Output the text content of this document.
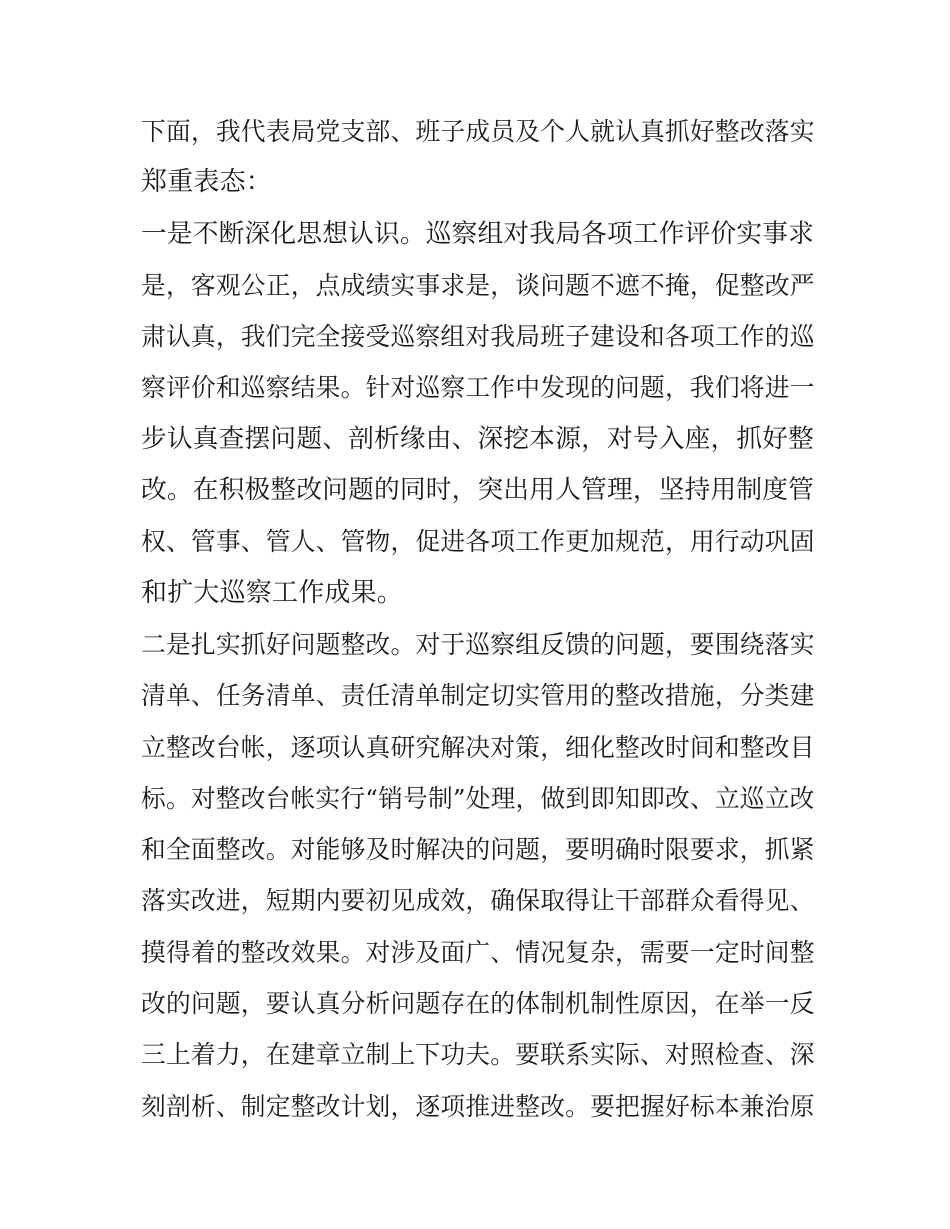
下面，我代表局党支部、班子成员及个人就认真抓好整改落实
郑重表态：
一是不断深化思想认识。巡察组对我局各项工作评价实事求
是，客观公正，点成绩实事求是，谈问题不遮不掩，促整改严
肃认真，我们完全接受巡察组对我局班子建设和各项工作的巡
察评价和巡察结果。针对巡察工作中发现的问题，我们将进一
步认真查摆问题、剖析缘由、深挖本源，对号入座，抓好整
改。在积极整改问题的同时，突出用人管理，坚持用制度管
权、管事、管人、管物，促进各项工作更加规范，用行动巩固
和扩大巡察工作成果。
二是扎实抓好问题整改。对于巡察组反馈的问题，要围绕落实
清单、任务清单、责任清单制定切实管用的整改措施，分类建
立整改台帐，逐项认真研究解决对策，细化整改时间和整改目
标。对整改台帐实行“销号制”处理，做到即知即改、立巡立改
和全面整改。对能够及时解决的问题，要明确时限要求，抓紧
落实改进，短期内要初见成效，确保取得让干部群众看得见、
摸得着的整改效果。对涉及面广、情况复杂，需要一定时间整
改的问题，要认真分析问题存在的体制机制性原因，在举一反
三上着力，在建章立制上下功夫。要联系实际、对照检查、深
刻剖析、制定整改计划，逐项推进整改。要把握好标本兼治原
